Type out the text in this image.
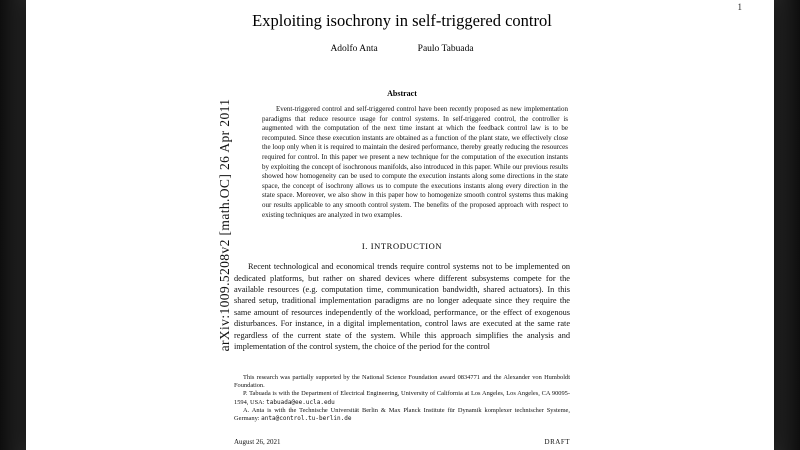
1
arXiv:1009.5208v2 [math.OC] 26 Apr 2011
Exploiting isochrony in self-triggered control
Adolfo Anta	Paulo Tabuada
Abstract

Event-triggered control and self-triggered control have been recently proposed as new implementation paradigms that reduce resource usage for control systems. In self-triggered control, the controller is augmented with the computation of the next time instant at which the feedback control law is to be recomputed. Since these execution instants are obtained as a function of the plant state, we effectively close the loop only when it is required to maintain the desired performance, thereby greatly reducing the resources required for control. In this paper we present a new technique for the computation of the execution instants by exploiting the concept of isochronous manifolds, also introduced in this paper. While our previous results showed how homogeneity can be used to compute the execution instants along some directions in the state space, the concept of isochrony allows us to compute the executions instants along every direction in the state space. Moreover, we also show in this paper how to homogenize smooth control systems thus making our results applicable to any smooth control system. The benefits of the proposed approach with respect to existing techniques are analyzed in two examples.

I. INTRODUCTION

Recent technological and economical trends require control systems not to be implemented on dedicated platforms, but rather on shared devices where different subsystems compete for the available resources (e.g. computation time, communication bandwidth, shared actuators). In this shared setup, traditional implementation paradigms are no longer adequate since they require the same amount of resources independently of the workload, performance, or the effect of exogenous disturbances. For instance, in a digital implementation, control laws are executed at the same rate regardless of the current state of the system. While this approach simplifies the analysis and implementation of the control system, the choice of the period for the control

This research was partially supported by the National Science Foundation award 0834771 and the Alexander von Humboldt Foundation.

P. Tabuada is with the Department of Electrical Engineering, University of California at Los Angeles, Los Angeles, CA 90095-1594, USA: tabuada@ee.ucla.edu

A. Anta is with the Technische Universität Berlin & Max Planck Institute für Dynamik komplexer technischer Systeme, Germany: anta@control.tu-berlin.de

August 26, 2021	DRAFT
